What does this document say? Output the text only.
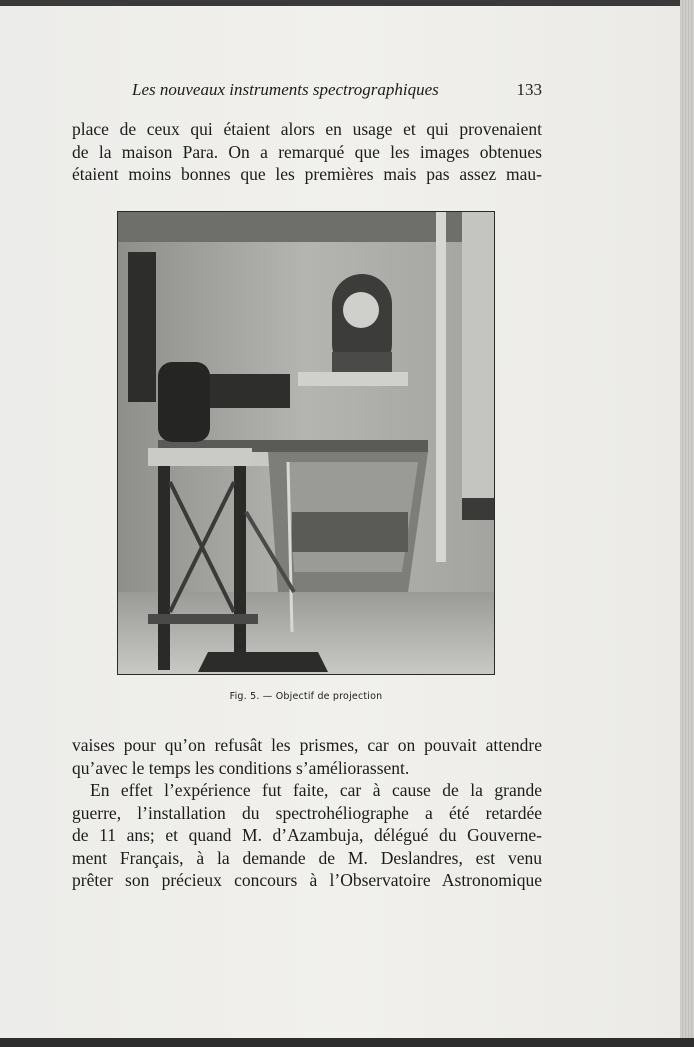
Les nouveaux instruments spectrographiques	133
place de ceux qui étaient alors en usage et qui provenaient
de la maison Para. On a remarqué que les images obtenues
étaient moins bonnes que les premières mais pas assez mau-
Fig. 5. — Objectif de projection
vaises pour qu’on refusât les prismes, car on pouvait attendre
qu’avec le temps les conditions s’améliorassent.
En effet l’expérience fut faite, car à cause de la grande
guerre, l’installation du spectrohéliographe a été retardée
de 11 ans; et quand M. d’Azambuja, délégué du Gouverne-
ment Français, à la demande de M. Deslandres, est venu
prêter son précieux concours à l’Observatoire Astronomique
